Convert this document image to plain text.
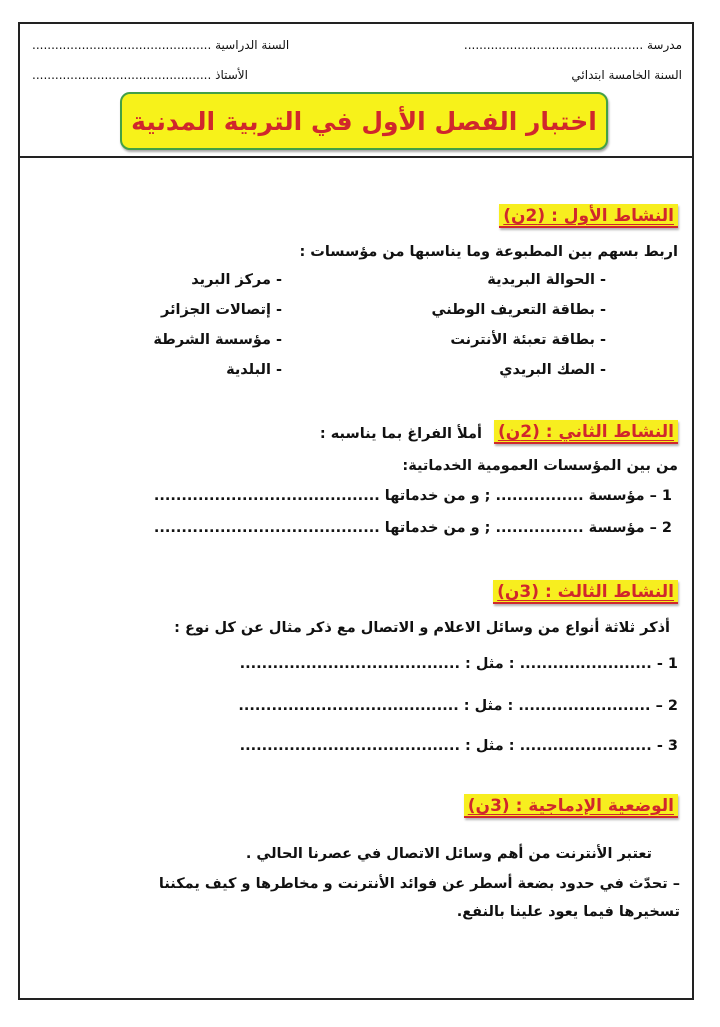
مدرسة ...............................................
السنة الدراسية ...............................................
السنة الخامسة ابتدائي
الأستاذ ...............................................
اختبار الفصل الأول في التربية المدنية
النشاط الأول : (2ن)
اربط بسهم بين المطبوعة وما يناسبها من مؤسسات :
- الحوالة البريدية
- بطاقة التعريف الوطني
- بطاقة تعبئة الأنترنت
- الصك البريدي
- مركز البريد
- إتصالات الجزائر
- مؤسسة الشرطة
- البلدية
النشاط الثاني : (2ن)
أملأ الفراغ بما يناسبه :
من بين المؤسسات العمومية الخدماتية:
1 – مؤسسة ................ ; و من خدماتها .........................................
2 – مؤسسة ................ ; و من خدماتها .........................................
النشاط الثالث : (3ن)
أذكر ثلاثة أنواع من وسائل الاعلام و الاتصال مع ذكر مثال عن كل نوع :
1 - ........................ : مثل : ........................................
2 – ........................ : مثل : ........................................
3 - ........................ : مثل : ........................................
الوضعية الإدماجية : (3ن)
تعتبر الأنترنت من أهم وسائل الاتصال في عصرنا الحالي .
– تحدّث في حدود بضعة أسطر عن فوائد الأنترنت و مخاطرها و كيف يمكننا
تسخيرها فيما يعود علينا بالنفع.
